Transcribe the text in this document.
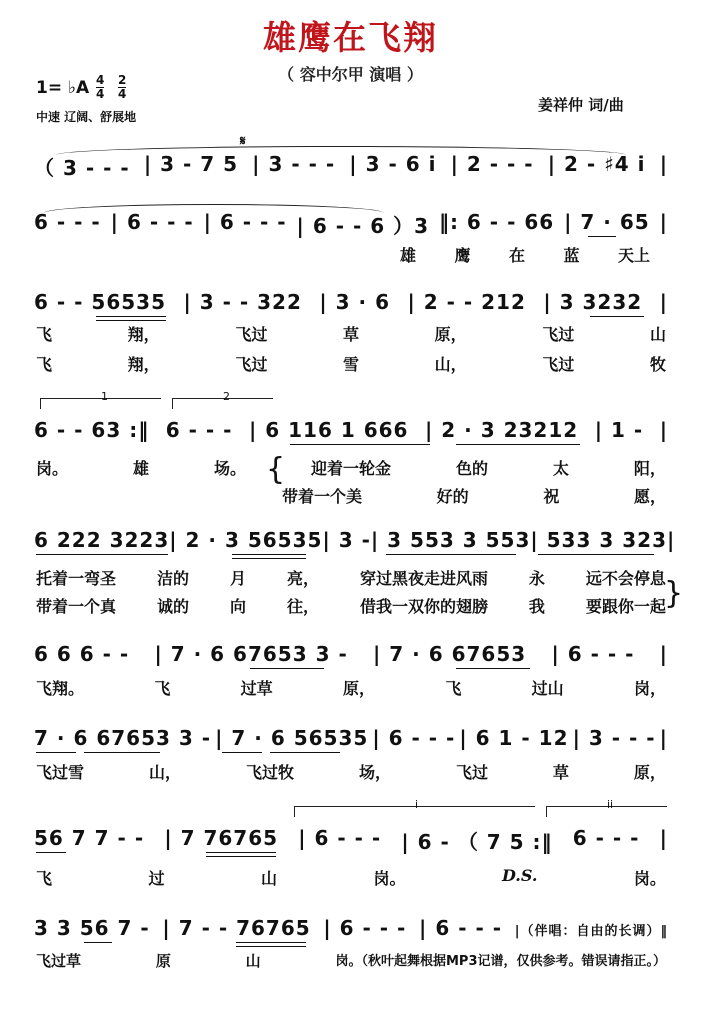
雄鹰在飞翔
（ 容中尔甲 演唱 ）
1= ♭A 4
4
2
4
中速 辽阔、舒展地
姜祥仲 词/曲
𝄋
（ 3 - - - | 3 - 7 5 | 3 - - - | 3 - 6 i | 2 - - - | 2 - ♯4 i |
6 - - - | 6 - - - | 6 - - - | 6 - - 6 ）3 ‖: 6 - - 66 | 7 · 65 |
雄 鹰 在 蓝 天上
6 - - 56535 | 3 - - 322 | 3 · 6 | 2 - - 212 | 3 3232 |
飞	翔，	飞过	草	原，	飞过	山
飞	翔，	飞过	雪	山，	飞过	牧
1	2
6 - - 63 :‖ 6 - - - | 6 116 1 666 | 2 · 3 23212 | 1 - |
岗。	雄	场。	迎着一轮金	色的	太	阳，
{
带着一个美	好的	祝	愿，
6 222 3223 | 2 · 3 56535 | 3 - | 3 553 3 553 | 533 3 323 |
托着一弯圣	洁的	月	亮，	穿过黑夜走进风雨	永	远不会停息
}
带着一个真	诚的	向	往，	借我一双你的翅膀	我	要跟你一起
6 6 6 - - | 7 · 6 67653 3 - | 7 · 6 67653 | 6 - - - |
飞翔。	飞	过草	原，	飞	过山	岗，
7 · 6 67653 3 - | 7 · 6 56535 | 6 - - - | 6 1 - 12 | 3 - - - |
飞过雪	山，	飞过牧	场，	飞过	草	原，
i	ii
56 7 7 - - | 7 76765 | 6 - - - | 6 - （ 7 5 :‖ 6 - - - |
飞	过	山	岗。	D.S.	岗。
3 3 56 7 - | 7 - - 76765 | 6 - - - | 6 - - - |（伴唱：自由的长调）‖
飞过草	原	山	岗。（秋叶起舞根据MP3记谱，仅供参考。错误请指正。）
